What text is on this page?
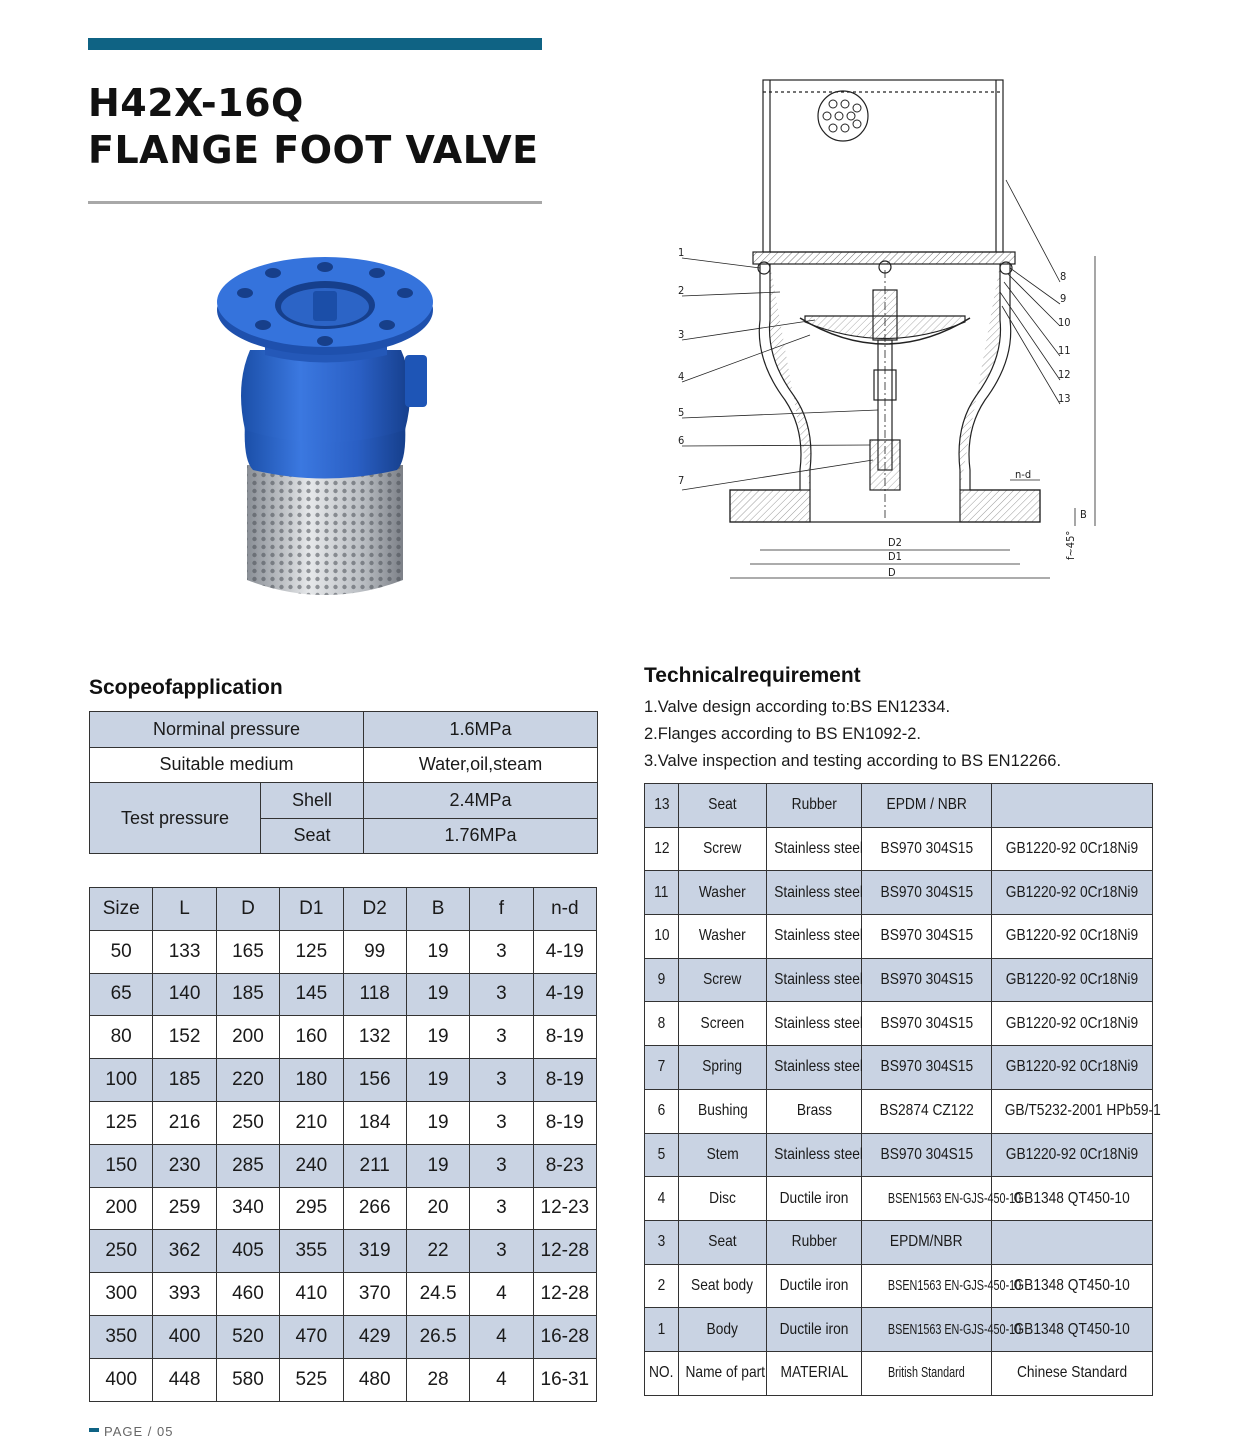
H42X-16Q
FLANGE FOOT VALVE
1
2
3
4
5
6
7
8
9
10
11
12
13
D2
D1
D
n-d
B
f~45°
Scopeofapplication
Norminal pressure		1.6MPa
Suitable medium		Water,oil,steam
Test pressure	Shell	2.4MPa
	Seat	1.76MPa
Size	L	D	D1	D2	B	f	n-d
50	133	165	125	99	19	3	4-19
65	140	185	145	118	19	3	4-19
80	152	200	160	132	19	3	8-19
100	185	220	180	156	19	3	8-19
125	216	250	210	184	19	3	8-19
150	230	285	240	211	19	3	8-23
200	259	340	295	266	20	3	12-23
250	362	405	355	319	22	3	12-28
300	393	460	410	370	24.5	4	12-28
350	400	520	470	429	26.5	4	16-28
400	448	580	525	480	28	4	16-31
Technicalrequirement
1.Valve design according to:BS EN12334.
2.Flanges according to BS EN1092-2.
3.Valve inspection and testing according to BS EN12266.
13	Seat	Rubber	EPDM / NBR	
12	Screw	Stainless steel	BS970 304S15	GB1220-92 0Cr18Ni9
11	Washer	Stainless steel	BS970 304S15	GB1220-92 0Cr18Ni9
10	Washer	Stainless steel	BS970 304S15	GB1220-92 0Cr18Ni9
9	Screw	Stainless steel	BS970 304S15	GB1220-92 0Cr18Ni9
8	Screen	Stainless steel	BS970 304S15	GB1220-92 0Cr18Ni9
7	Spring	Stainless steel	BS970 304S15	GB1220-92 0Cr18Ni9
6	Bushing	Brass	BS2874 CZ122	GB/T5232-2001 HPb59-1
5	Stem	Stainless steel	BS970 304S15	GB1220-92 0Cr18Ni9
4	Disc	Ductile iron	BSEN1563 EN-GJS-450-10	GB1348 QT450-10
3	Seat	Rubber	EPDM/NBR	
2	Seat body	Ductile iron	BSEN1563 EN-GJS-450-10	GB1348 QT450-10
1	Body	Ductile iron	BSEN1563 EN-GJS-450-10	GB1348 QT450-10
NO.	Name of part	MATERIAL	British Standard	Chinese Standard
PAGE / 05
